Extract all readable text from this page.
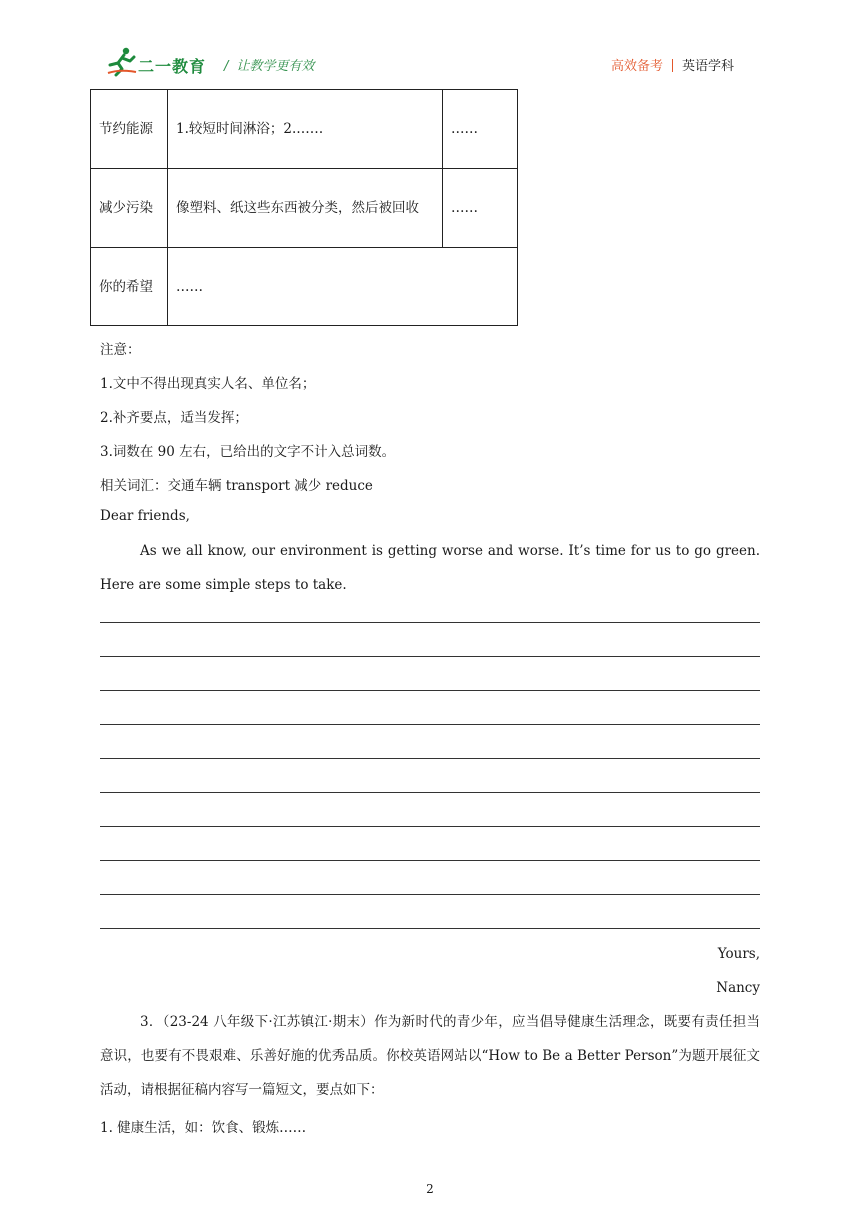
二一教育 / 让教学更有效	高效备考 英语学科
节约能源	1.较短时间淋浴；2.……	……
减少污染	像塑料、纸这些东西被分类，然后被回收	……
你的希望	……	
注意：
1.文中不得出现真实人名、单位名；
2.补齐要点，适当发挥；
3.词数在 90 左右，已给出的文字不计入总词数。
相关词汇：交通车辆 transport 减少 reduce
Dear friends,
As we all know, our environment is getting worse and worse. It’s time for us to go green. Here are some simple steps to take.
Yours,
Nancy
3．（23-24 八年级下·江苏镇江·期末）作为新时代的青少年，应当倡导健康生活理念，既要有责任担当意识，也要有不畏艰难、乐善好施的优秀品质。你校英语网站以“How to Be a Better Person”为题开展征文活动，请根据征稿内容写一篇短文，要点如下：
1. 健康生活，如：饮食、锻炼……
2
